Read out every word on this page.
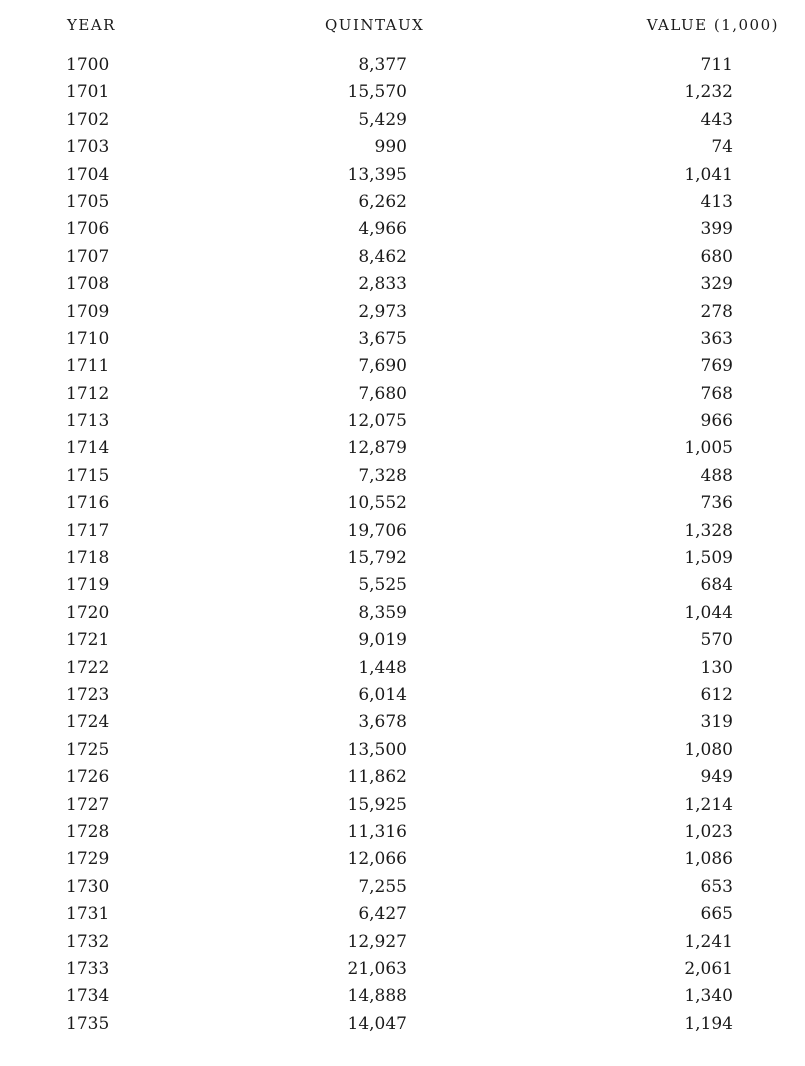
YEAR	QUINTAUX	VALUE (1,000)
1700	8,377	711
1701	15,570	1,232
1702	5,429	443
1703	990	74
1704	13,395	1,041
1705	6,262	413
1706	4,966	399
1707	8,462	680
1708	2,833	329
1709	2,973	278
1710	3,675	363
1711	7,690	769
1712	7,680	768
1713	12,075	966
1714	12,879	1,005
1715	7,328	488
1716	10,552	736
1717	19,706	1,328
1718	15,792	1,509
1719	5,525	684
1720	8,359	1,044
1721	9,019	570
1722	1,448	130
1723	6,014	612
1724	3,678	319
1725	13,500	1,080
1726	11,862	949
1727	15,925	1,214
1728	11,316	1,023
1729	12,066	1,086
1730	7,255	653
1731	6,427	665
1732	12,927	1,241
1733	21,063	2,061
1734	14,888	1,340
1735	14,047	1,194
